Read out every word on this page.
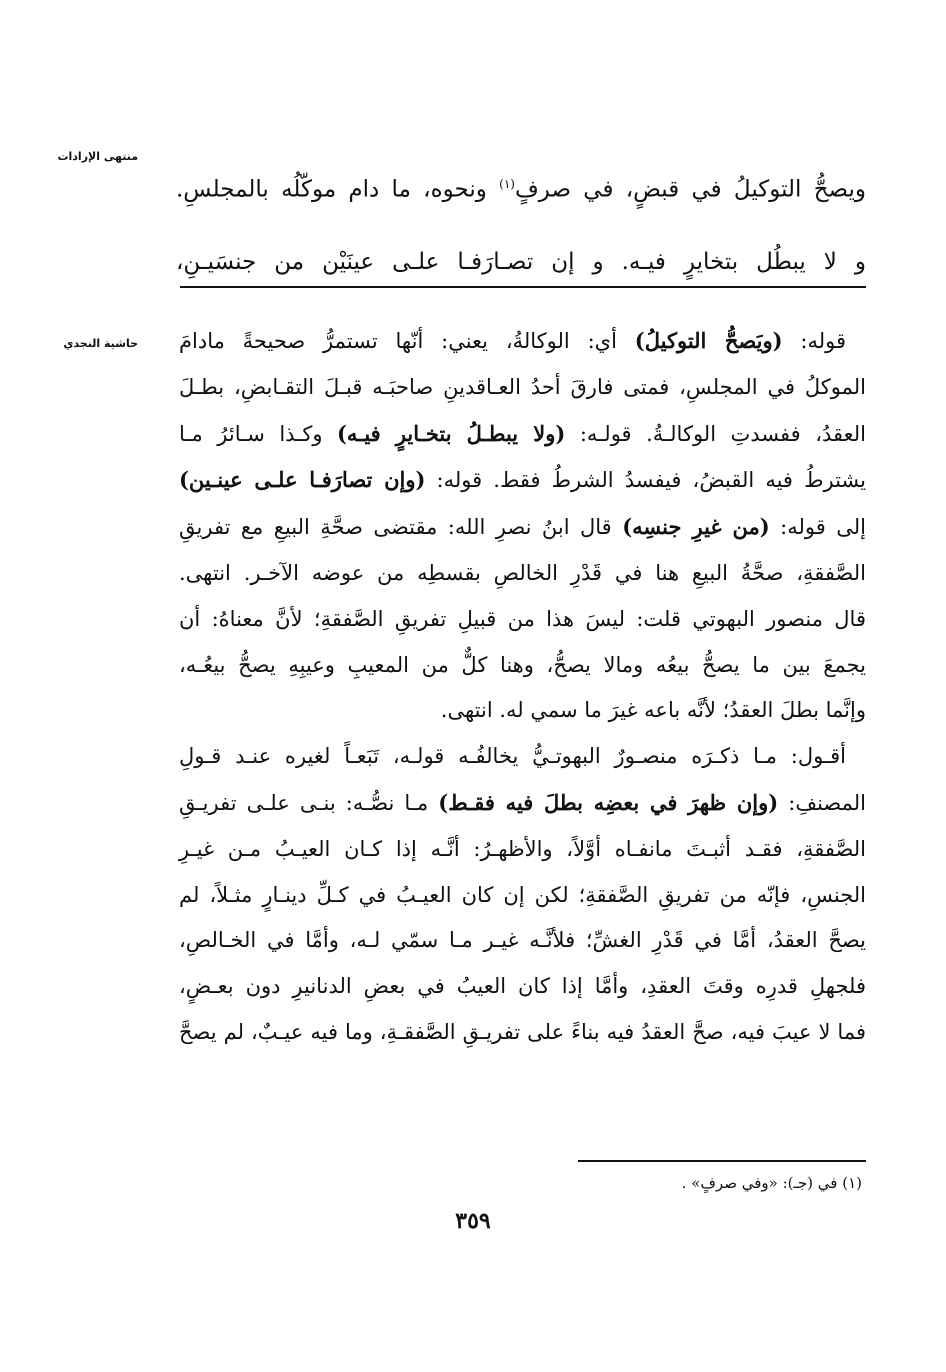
منتهى الإرادات
حاشية النجدي
ويصحُّ التوكيلُ في قبضٍ، في صرفٍ$^{(١)}$ ونحوه، ما دام موكّلُه بالمجلسِ.
و لا يبطُل بتخايرٍ فيـه. و إن تصـارَفـا علـى عينَيْن من جنسَيـنِ،
قوله: (ويَصحُّ التوكيلُ) أي: الوكالةُ، يعني: أنّها تستمرُّ صحيحةً مادامَ
الموكلُ في المجلسِ، فمتى فارقَ أحدُ العـاقدينِ صاحبَـه قبـلَ التقـابضِ، بطـلَ
العقدُ، ففسدتِ الوكالـةُ. قولـه: (ولا يبطـلُ بتخـايرٍ فيـه) وكـذا سـائرُ مـا
يشترطُ فيه القبضُ، فيفسدُ الشرطُ فقط. قوله: (وإن تصارَفـا علـى عينـين)
إلى قوله: (من غيرِ جنسِه) قال ابنُ نصرِ الله: مقتضى صحَّةِ البيعِ مع تفريقِ
الصَّفقةِ، صحَّةُ البيعِ هنا في قَدْرِ الخالصِ بقسطِه من عوضه الآخـر. انتهى.
قال منصور البهوتي قلت: ليسَ هذا من قبيلِ تفريقِ الصَّفقةِ؛ لأنَّ معناهُ: أن
يجمعَ بين ما يصحُّ بيعُه ومالا يصحُّ، وهنا كلٌّ من المعيبِ وعيبِهِ يصحُّ بيعُـه،
وإنَّما بطلَ العقدُ؛ لأنَّه باعه غيرَ ما سمي له. انتهى.
أقـول: مـا ذكـرَه منصـورٌ البهوتـيُّ يخالفُـه قولـه، تَبَعـاً لغيره عنـد قـولِ
المصنفِ: (وإن ظهرَ في بعضِه بطلَ فيه فقـط) مـا نصُّـه: بنـى علـى تفريـقِ
الصَّفقةِ، فقـد أثبـتَ مانفـاه أوَّلاً، والأظهـرُ: أنَّـه إذا كـان العيـبُ مـن غيـرِ
الجنسِ، فإنّه من تفريقِ الصَّفقةِ؛ لكن إن كان العيـبُ في كـلِّ دينـارٍ مثـلاً، لم
يصحَّ العقدُ، أمَّا في قَدْرِ الغشِّ؛ فلأنَّـه غيـر مـا سمّي لـه، وأمَّا في الخـالصِ،
فلجهلِ قدرِه وقتَ العقدِ، وأمَّا إذا كان العيبُ في بعضِ الدنانيرِ دون بعـضٍ،
فما لا عيبَ فيه، صحَّ العقدُ فيه بناءً على تفريـقِ الصَّفقـةِ، وما فيه عيـبٌ، لم يصحَّ
(١) في (جـ): «وفي صرفٍ» .
٣٥٩
